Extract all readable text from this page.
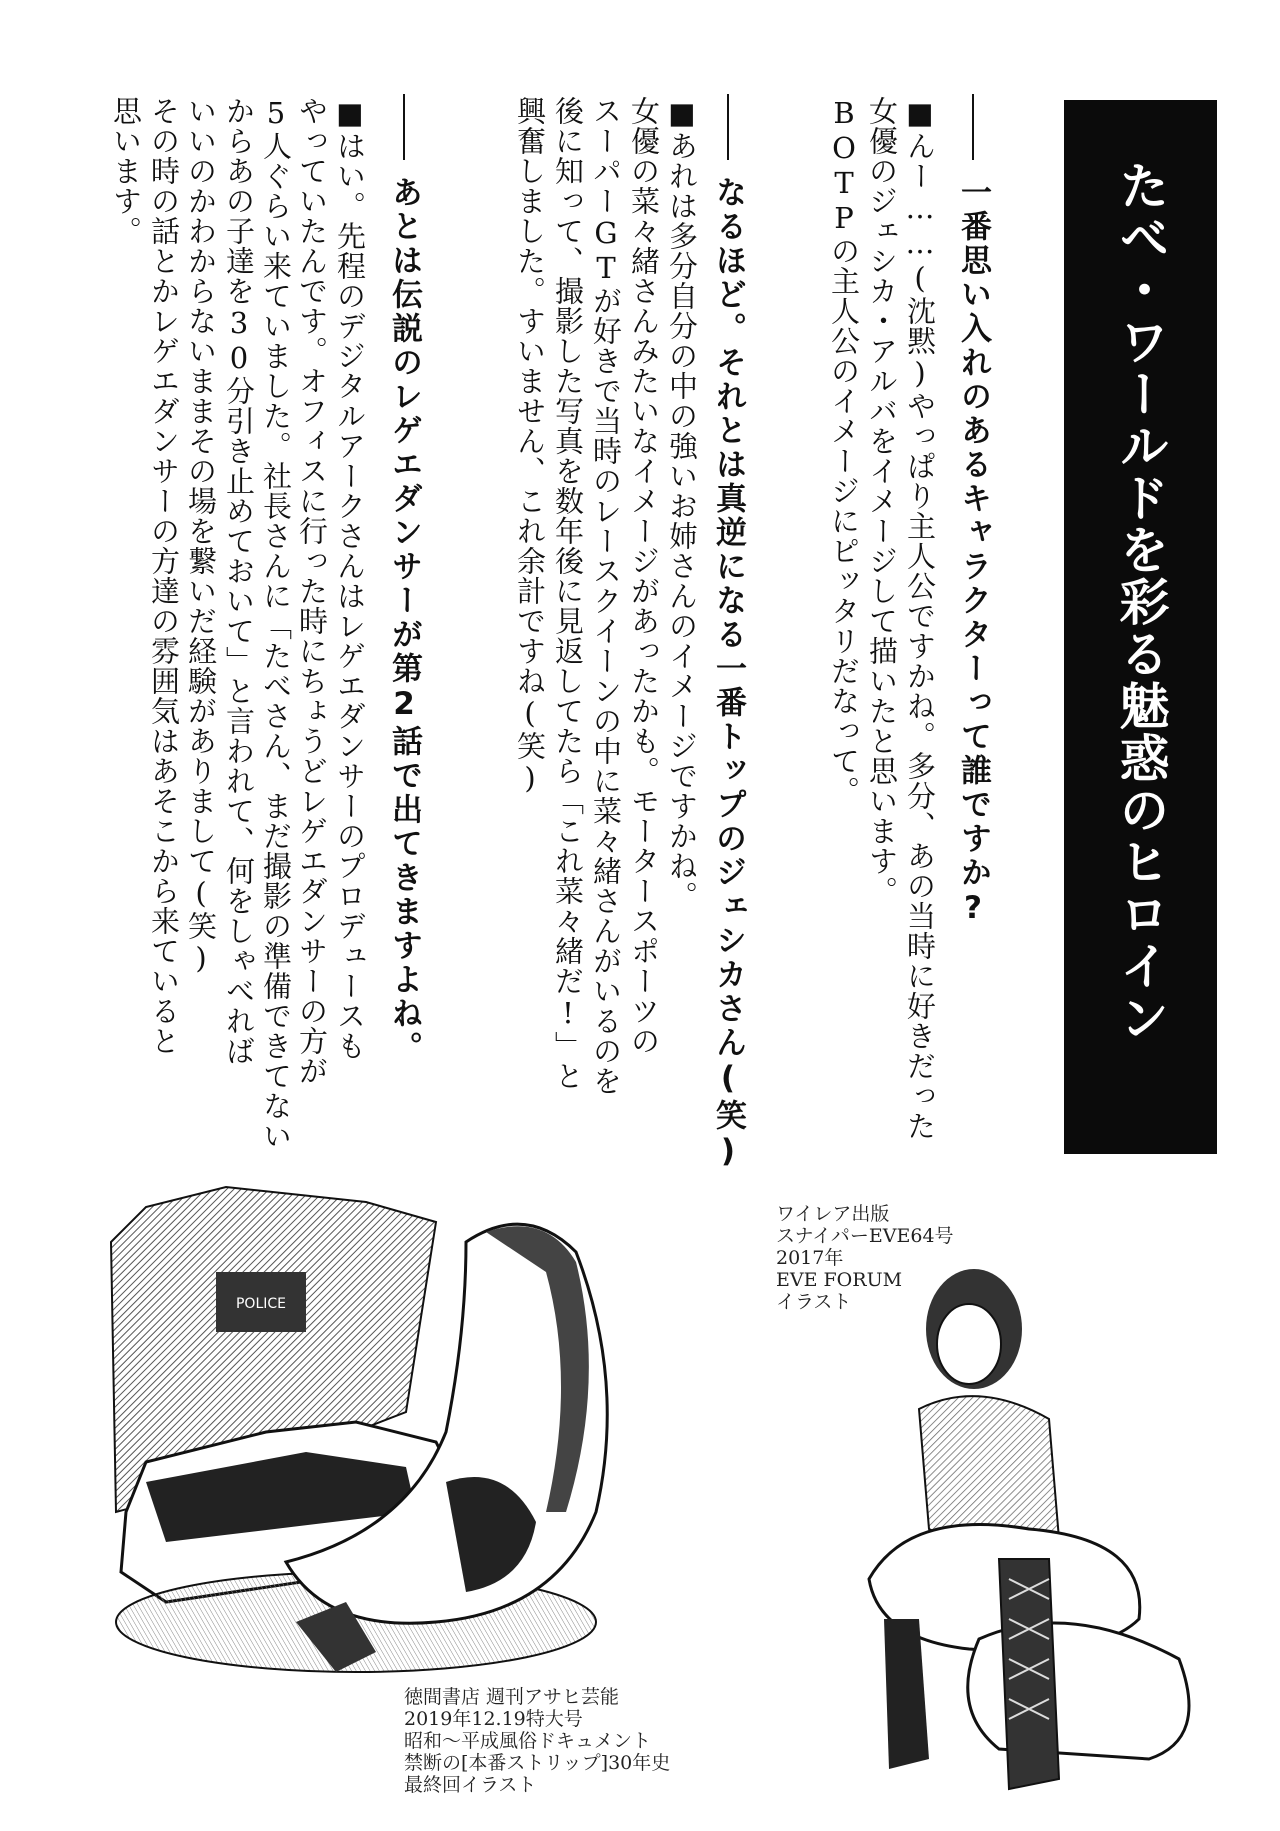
たべ・ワールドを彩る魅惑のヒロイン
一番思い入れのあるキャラクターって誰ですか?
■んー……(沈黙)やっぱり主人公ですかね。多分、あの当時に好きだった
女優のジェシカ・アルバをイメージして描いたと思います。
BOTPの主人公のイメージにピッタリだなって。
なるほど。それとは真逆になる一番トップのジェシカさん(笑)
■あれは多分自分の中の強いお姉さんのイメージですかね。
女優の菜々緒さんみたいなイメージがあったかも。モータースポーツの
スーパーGTが好きで当時のレースクイーンの中に菜々緒さんがいるのを
後に知って、撮影した写真を数年後に見返してたら「これ菜々緒だ!」と
興奮しました。すいません、これ余計ですね(笑)
あとは伝説のレゲエダンサーが第2話で出てきますよね。
■はい。先程のデジタルアークさんはレゲエダンサーのプロデュースも
やっていたんです。オフィスに行った時にちょうどレゲエダンサーの方が
5人ぐらい来ていました。社長さんに「たべさん、まだ撮影の準備できてない
からあの子達を30分引き止めておいて」と言われて、何をしゃべれば
いいのかわからないままその場を繋いだ経験がありまして(笑)
その時の話とかレゲエダンサーの方達の雰囲気はあそこから来ていると
思います。
POLICE
徳間書店 週刊アサヒ芸能
2019年12.19特大号
昭和〜平成風俗ドキュメント
禁断の[本番ストリップ]30年史
最終回イラスト
ワイレア出版
スナイパーEVE64号
2017年
EVE FORUM
イラスト
